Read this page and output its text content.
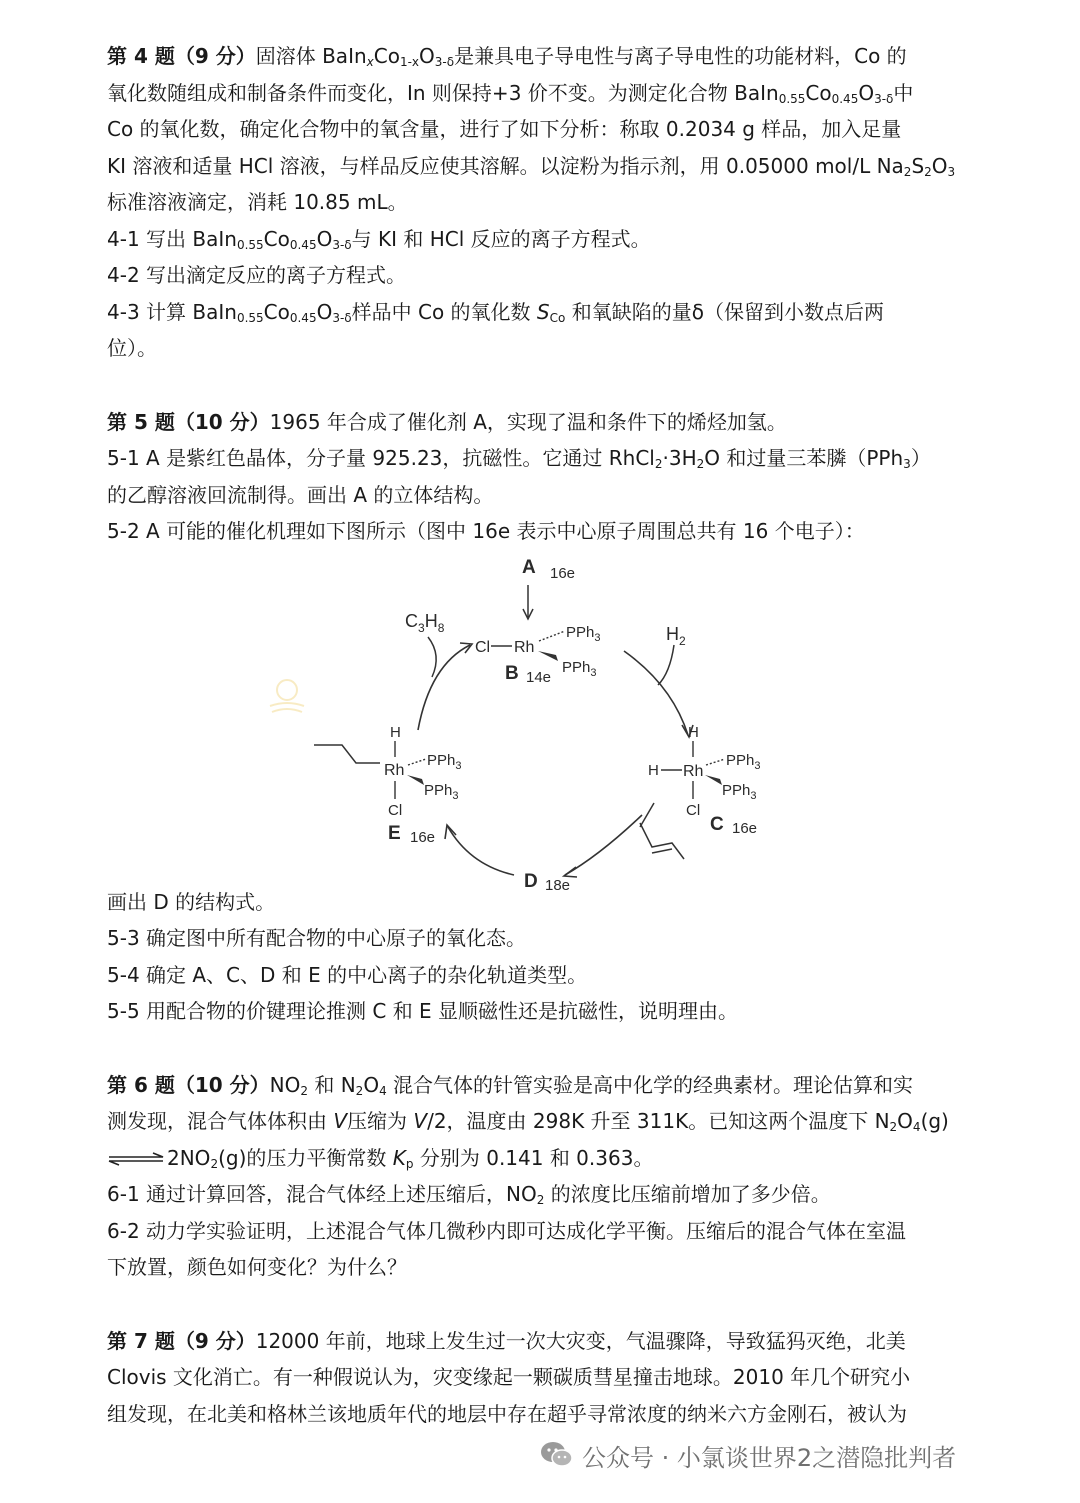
第 4 题（9 分）固溶体 $BaIn_xCo_{1-x}O_{3-\delta}$是兼具电子导电性与离子导电性的功能材料，Co 的

氧化数随组成和制备条件而变化，In 则保持+3 价不变。为测定化合物 $BaIn_{0.55}Co_{0.45}O_{3-\delta}$中

Co 的氧化数，确定化合物中的氧含量，进行了如下分析：称取 0.2034 g 样品，加入足量

KI 溶液和适量 HCl 溶液，与样品反应使其溶解。以淀粉为指示剂，用 0.05000 mol/L $Na_2S_2O_3$

标准溶液滴定，消耗 10.85 mL。

4-1 写出 $BaIn_{0.55}Co_{0.45}O_{3-\delta}$与 KI 和 HCl 反应的离子方程式。

4-2 写出滴定反应的离子方程式。

4-3 计算 $BaIn_{0.55}Co_{0.45}O_{3-\delta}$样品中 Co 的氧化数 $S_{Co}$ 和氧缺陷的量δ（保留到小数点后两

位）。

第 5 题（10 分）1965 年合成了催化剂 A，实现了温和条件下的烯烃加氢。

5-1 A 是紫红色晶体，分子量 925.23，抗磁性。它通过 $RhCl_2\cdot 3H_2O$ 和过量三苯膦（PPh$_3$）

的乙醇溶液回流制得。画出 A 的立体结构。

5-2 A 可能的催化机理如下图所示（图中 16e 表示中心原子周围总共有 16 个电子）：

画出 D 的结构式。

5-3 确定图中所有配合物的中心原子的氧化态。

5-4 确定 A、C、D 和 E 的中心离子的杂化轨道类型。

5-5 用配合物的价键理论推测 C 和 E 显顺磁性还是抗磁性，说明理由。

第 6 题（10 分）$NO_2$ 和 $N_2O_4$ 混合气体的针管实验是高中化学的经典素材。理论估算和实

测发现，混合气体体积由 V压缩为 V/2，温度由 298K 升至 311K。已知这两个温度下 $N_2O_4(g)$

⇌ $2NO_2(g)$的压力平衡常数 $K_p$ 分别为 0.141 和 0.363。

6-1 通过计算回答，混合气体经上述压缩后，$NO_2$ 的浓度比压缩前增加了多少倍。

6-2 动力学实验证明，上述混合气体几微秒内即可达成化学平衡。压缩后的混合气体在室温

下放置，颜色如何变化？为什么？

第 7 题（9 分）12000 年前，地球上发生过一次大灾变，气温骤降，导致猛犸灭绝，北美

Clovis 文化消亡。有一种假说认为，灾变缘起一颗碳质彗星撞击地球。2010 年几个研究小

组发现，在北美和格林兰该地质年代的地层中存在超乎寻常浓度的纳米六方金刚石，被认为

A 16e
Cl Rh
PPh$_3$
PPh$_3$
B 14e
$C_3H_8$	$H_2$
H
H Rh
PPh$_3$
PPh$_3$
Cl
C 16e
D 18e
H
Rh
PPh$_3$
PPh$_3$
Cl
E 16e
公众号 · 小氯谈世界2之潜隐批判者
